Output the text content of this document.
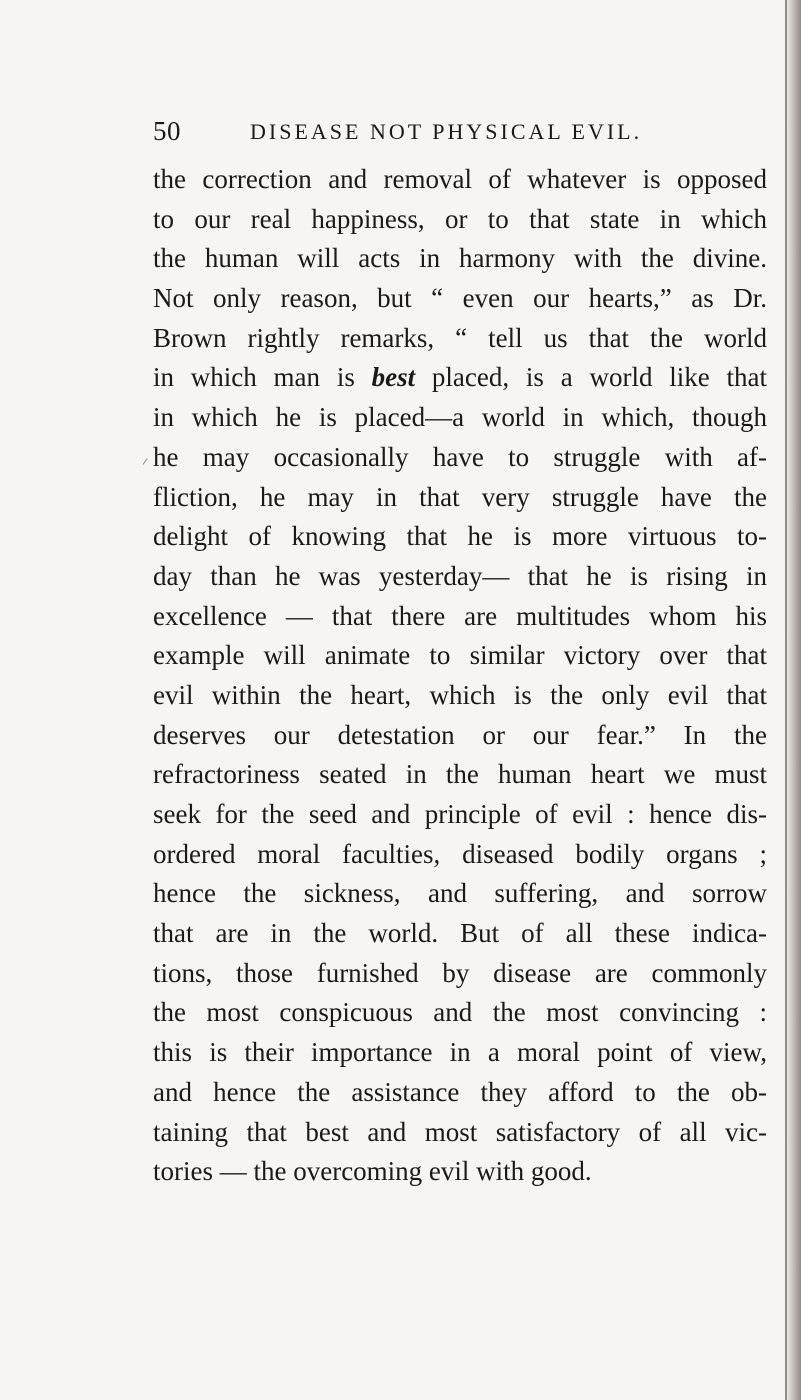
50	DISEASE NOT PHYSICAL EVIL.
the correction and removal of whatever is opposed
to our real happiness, or to that state in which
the human will acts in harmony with the divine.
Not only reason, but “ even our hearts,” as Dr.
Brown rightly remarks, “ tell us that the world
in which man is best placed, is a world like that
in which he is placed—a world in which, though
he may occasionally have to struggle with af-
fliction, he may in that very struggle have the
delight of knowing that he is more virtuous to-
day than he was yesterday— that he is rising in
excellence — that there are multitudes whom his
example will animate to similar victory over that
evil within the heart, which is the only evil that
deserves our detestation or our fear.” In the
refractoriness seated in the human heart we must
seek for the seed and principle of evil : hence dis-
ordered moral faculties, diseased bodily organs ;
hence the sickness, and suffering, and sorrow
that are in the world. But of all these indica-
tions, those furnished by disease are commonly
the most conspicuous and the most convincing :
this is their importance in a moral point of view,
and hence the assistance they afford to the ob-
taining that best and most satisfactory of all vic-
tories — the overcoming evil with good.
